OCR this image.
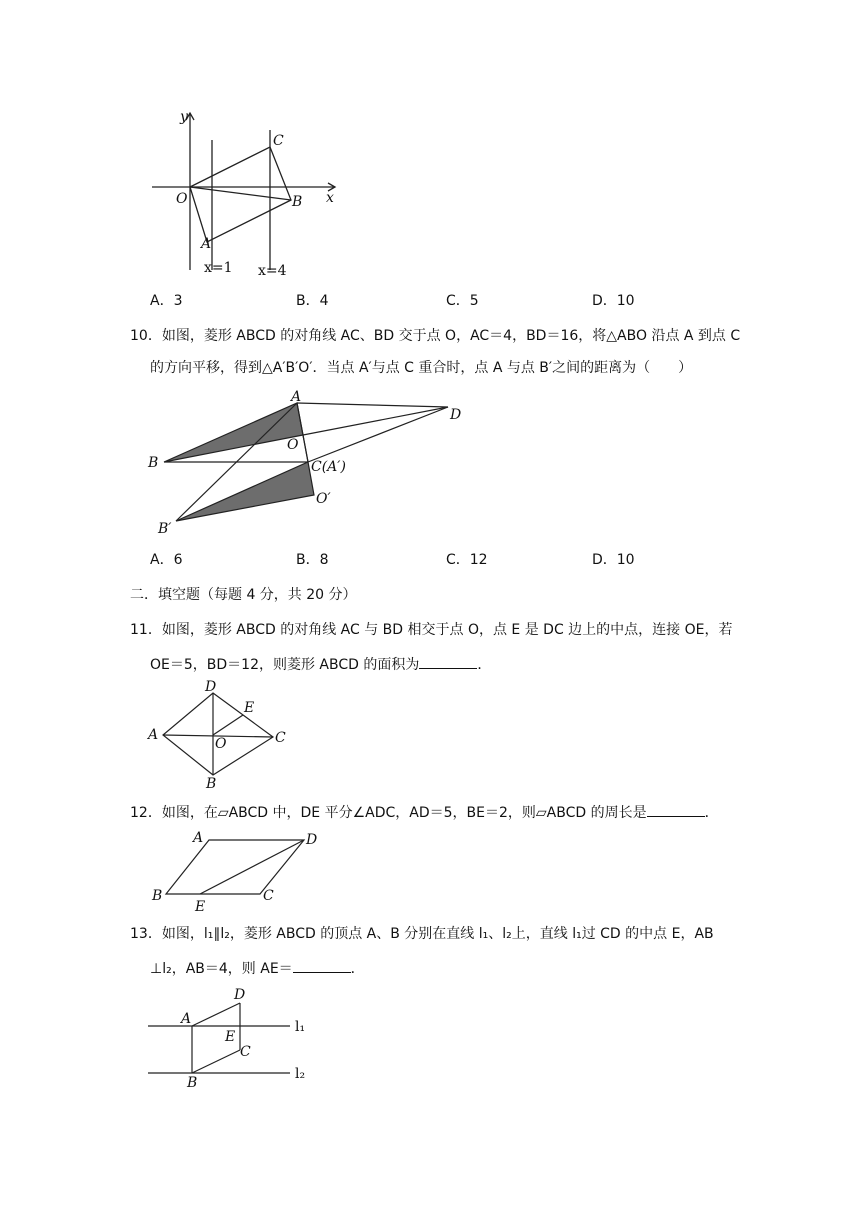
y
x
O
A
B
C
x=1 x=4
A．3	B．4	C．5	D．10
10．如图，菱形 ABCD 的对角线 AC、BD 交于点 O，AC＝4，BD＝16，将△ABO 沿点 A 到点 C
的方向平移，得到△A′B′O′．当点 A′与点 C 重合时，点 A 与点 B′之间的距离为（　　）
A
D
O
B	C(A′)
O′
B′
A．6	B．8	C．12	D．10
二．填空题（每题 4 分，共 20 分）
11．如图，菱形 ABCD 的对角线 AC 与 BD 相交于点 O，点 E 是 DC 边上的中点，连接 OE，若
OE＝5，BD＝12，则菱形 ABCD 的面积为	．
D
E
A
O	C
B
12．如图，在▱ABCD 中，DE 平分∠ADC，AD＝5，BE＝2，则▱ABCD 的周长是	．
A	D
B
E
C
13．如图，l₁∥l₂，菱形 ABCD 的顶点 A、B 分别在直线 l₁、l₂上，直线 l₁过 CD 的中点 E，AB
⊥l₂，AB＝4，则 AE＝	．
D
A
E
C
B
l₁
l₂
